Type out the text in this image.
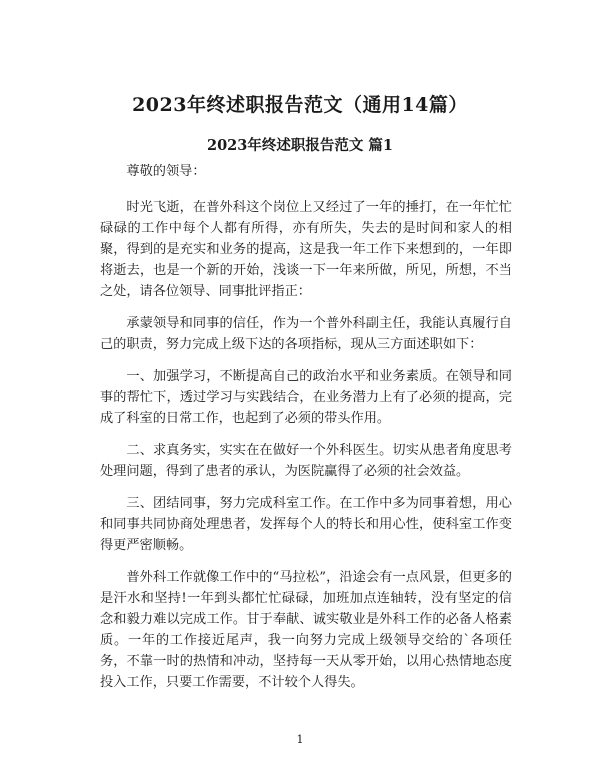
2023年终述职报告范文（通用14篇）
2023年终述职报告范文 篇1

尊敬的领导：

时光飞逝，在普外科这个岗位上又经过了一年的捶打，在一年忙忙碌碌的工作中每个人都有所得，亦有所失，失去的是时间和家人的相聚，得到的是充实和业务的提高，这是我一年工作下来想到的，一年即将逝去，也是一个新的开始，浅谈一下一年来所做，所见，所想，不当之处，请各位领导、同事批评指正：

承蒙领导和同事的信任，作为一个普外科副主任，我能认真履行自己的职责，努力完成上级下达的各项指标，现从三方面述职如下：

一、加强学习，不断提高自己的政治水平和业务素质。在领导和同事的帮忙下，透过学习与实践结合，在业务潜力上有了必须的提高，完成了科室的日常工作，也起到了必须的带头作用。

二、求真务实，实实在在做好一个外科医生。切实从患者角度思考处理问题，得到了患者的承认，为医院赢得了必须的社会效益。

三、团结同事，努力完成科室工作。在工作中多为同事着想，用心和同事共同协商处理患者，发挥每个人的特长和用心性，使科室工作变得更严密顺畅。

普外科工作就像工作中的“马拉松”，沿途会有一点风景，但更多的是汗水和坚持!一年到头都忙忙碌碌，加班加点连轴转，没有坚定的信念和毅力难以完成工作。甘于奉献、诚实敬业是外科工作的必备人格素质。一年的工作接近尾声，我一向努力完成上级领导交给的`各项任务，不靠一时的热情和冲动，坚持每一天从零开始，以用心热情地态度投入工作，只要工作需要，不计较个人得失。

1
